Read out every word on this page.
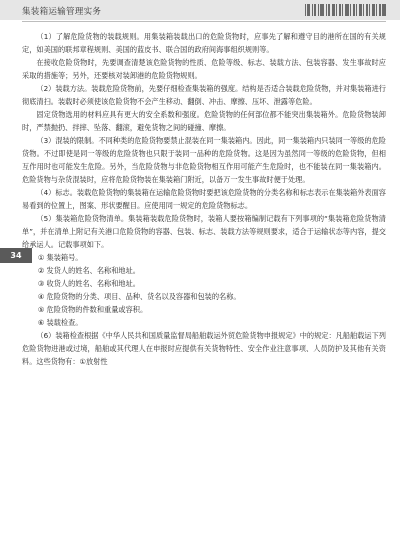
集装箱运输管理实务
34

（1）了解危险货物的装载规则。用集装箱装载出口的危险货物时，应事先了解和遵守目的港所在国的有关规定，如美国的联邦章程规则、美国的蓝皮书、联合国的政府间海事组织规则等。

在接收危险货物时，先要调查清楚该危险货物的性质、危险等级、标志、装载方法、包装容器、发生事故时应采取的措施等；另外，还要核对装卸港的危险货物规则。

（2）装载方法。装载危险货物前，先要仔细检查集装箱的强度。结构是否适合装载危险货物，并对集装箱进行彻底清扫。装载时必须使该危险货物不会产生移动、翻倒、冲击、摩擦、压坏、泄露等危险。

固定货物选用的材料应具有更大的安全系数和强度。危险货物的任何部位都不能突出集装箱外。危险货物装卸时，严禁抛扔、拌摔、坠落、翻滚，避免货物之间的碰撞、摩擦。

（3）混装的限制。不同种类的危险货物要禁止混装在同一集装箱内。因此，同一集装箱内只装同一等级的危险货物。不过即使是同一等级的危险货物也只限于装同一品种的危险货物。这是因为虽然同一等级的危险货物，但相互作用时也可能发生危险。另外，当危险货物与非危险货物相互作用可能产生危险时，也不能装在同一集装箱内。危险货物与杂货混装时，应将危险货物装在集装箱门附近，以备万一发生事故时便于处理。

（4）标志。装载危险货物的集装箱在运输危险货物时要把该危险货物的分类名称和标志表示在集装箱外表面容易看到的位置上，图案、形状要醒目。应使用同一规定的危险货物标志。

（5）集装箱危险货物清单。集装箱装载危险货物时，装箱人要按箱编制记载有下列事项的“集装箱危险货物清单”，并在清单上附记有关港口危险货物的容器、包装、标志、装载方法等规则要求，适合于运输状态等内容，提交给承运人。记载事项如下。

① 集装箱号。

② 发货人的姓名、名称和地址。

③ 收货人的姓名、名称和地址。

④ 危险货物的分类、项目、品种、货名以及容器和包装的名称。

⑤ 危险货物的件数和重量或容积。

⑥ 装载检查。

（6）装箱检查根据《中华人民共和国质量监督局船舶载运外贸危险货物申报规定》中的规定：凡船舶载运下列危险货物进港或过境，船舶或其代理人在申报时应提供有关货物特性、安全作业注意事项、人员防护及其他有关资料。这些货物有：①放射性
